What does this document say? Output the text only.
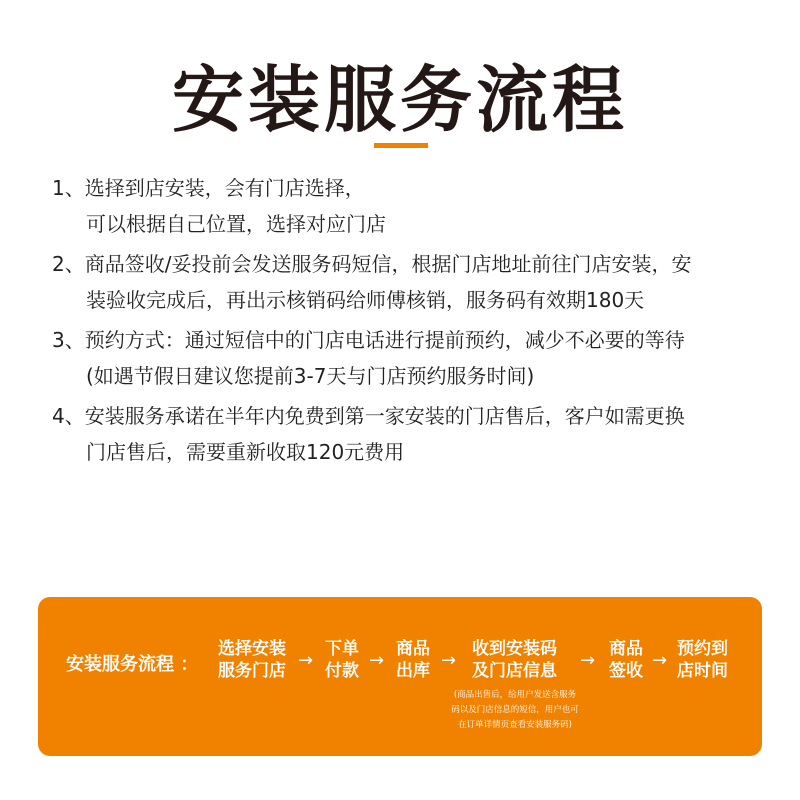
安装服务流程
1、选择到店安装，会有门店选择，
可以根据自己位置，选择对应门店
2、商品签收/妥投前会发送服务码短信，根据门店地址前往门店安装，安
装验收完成后，再出示核销码给师傅核销，服务码有效期180天
3、预约方式：通过短信中的门店电话进行提前预约，减少不必要的等待
(如遇节假日建议您提前3-7天与门店预约服务时间)
4、安装服务承诺在半年内免费到第一家安装的门店售后，客户如需更换
门店售后，需要重新收取120元费用
安装服务流程 ：
选择安装
服务门店 →
下单
付款 →
商品
出库 →
收到安装码
及门店信息 →
商品
签收 →
预约到
店时间
(商品出售后，给用户发送含服务
码以及门店信息的短信，用户也可
在订单详情页查看安装服务码)
